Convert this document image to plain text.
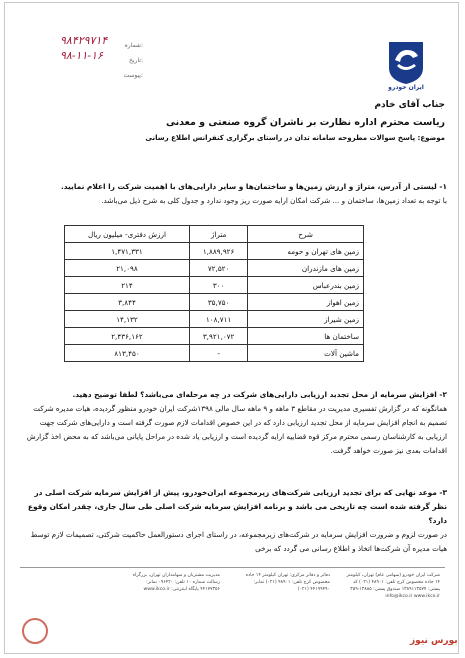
۹۸۴۲۹۷۱۴	شماره:
۹۸-۱۱-۱۶	تاریخ:
پیوست:
ایران خودرو
جناب آقای خادم
ریاست محترم اداره نظارت بر ناشران گروه صنعتی و معدنی
موضوع: پاسخ سوالات مطروحه سامانه تدان در راستای برگزاری کنفرانس اطلاع رسانی
۱- لیستی از آدرس، متراژ و ارزش زمین‌ها و ساختمان‌ها و سایر دارایی‌های با اهمیت شرکت را اعلام نمایید.
با توجه به تعداد زمین‌ها، ساختمان و ... شرکت امکان ارایه صورت ریز وجود ندارد و جدول کلی به شرح ذیل می‌باشد.
شرح	متراژ	ارزش دفتری- میلیون ریال
زمین های تهران و حومه	۱,۸۸۹,۹۲۶	۱,۴۷۱,۳۳۱
زمین های مازندران	۷۲,۵۲۰	۲۱,۰۹۸
زمین بندرعباس	۳۰۰	۲۱۴
زمین اهواز	۳۵,۷۵۰	۳,۸۴۴
زمین شیراز	۱۰۸,۷۱۱	۱۴,۱۳۲
ساختمان ها	۳,۹۲۱,۰۷۲	۲,۴۳۶,۱۶۲
ماشین آلات	-	۸۱۳,۴۵۰
۲- افزایش سرمایه از محل تجدید ارزیابی دارایی‌های شرکت در چه مرحله‌ای می‌باشد؟ لطفا توضیح دهید.
همانگونه که در گزارش تفسیری مدیریت در مقاطع ۳ ماهه و ۹ ماهه سال مالی ۱۳۹۸شرکت ایران خودرو منظور گردیده، هیات مدیره شرکت تصمیم به انجام افزایش سرمایه از محل تجدید ارزیابی دارد که در این خصوص اقدامات لازم صورت گرفته است و دارایی‌های شرکت جهت ارزیابی به کارشناسان رسمی محترم مرکز قوه قضاییه ارایه گردیده است و ارزیابی یاد شده در مراحل پایانی می‌باشد که به محض اخذ گزارش اقدامات بعدی نیز صورت خواهد گرفت.
۳- موعد نهایی که برای تجدید ارزیابی شرکت‌های زیرمجموعه ایران‌خودرو، پیش از افزایش سرمایه شرکت اصلی در نظر گرفته شده است چه تاریخی می باشد و برنامه افزایش سرمایه شرکت اصلی طی سال جاری، چقدر امکان وقوع دارد؟
در صورت لزوم و ضرورت افزایش سرمایه در شرکت‌های زیرمجموعه، در راستای اجرای دستورالعمل حاکمیت شرکتی، تصمیمات لازم توسط هیات مدیره آن شرکت‌ها اتخاذ و اطلاع رسانی می گردد که برخی
شرکت ایران خودرو (سهامی عام) تهران، کیلومتر ۱۴ جاده مخصوص کرج تلفن: ۴۸۹۰۱ (۰۲۱) کد پستی: ۱۳۸۹۱۱۳۵۷۷ صندوق پستی: ۱۳۸۸۵-۳۵۹ info@ikco.ir www.ikco.ir
دفاتر و دفاتر مرکزی: تهران کیلومتر ۱۴ جاده مخصوص کرج تلفن: ۴۸۹۰۱ (۰۲۱) نمابر: ۴۴۱۹۹۴۹۰ (۰۲۱)
مدیریت مشتریان و سهامداران تهران، بزرگراه رسالت شماره ۱۰ تلفن: ۰۹۶۴۲۰ نمابر: ۴۴۱۷۷۳۵۶ پایگاه اینترنتی: www.ikco.ir

بورس نیوز
